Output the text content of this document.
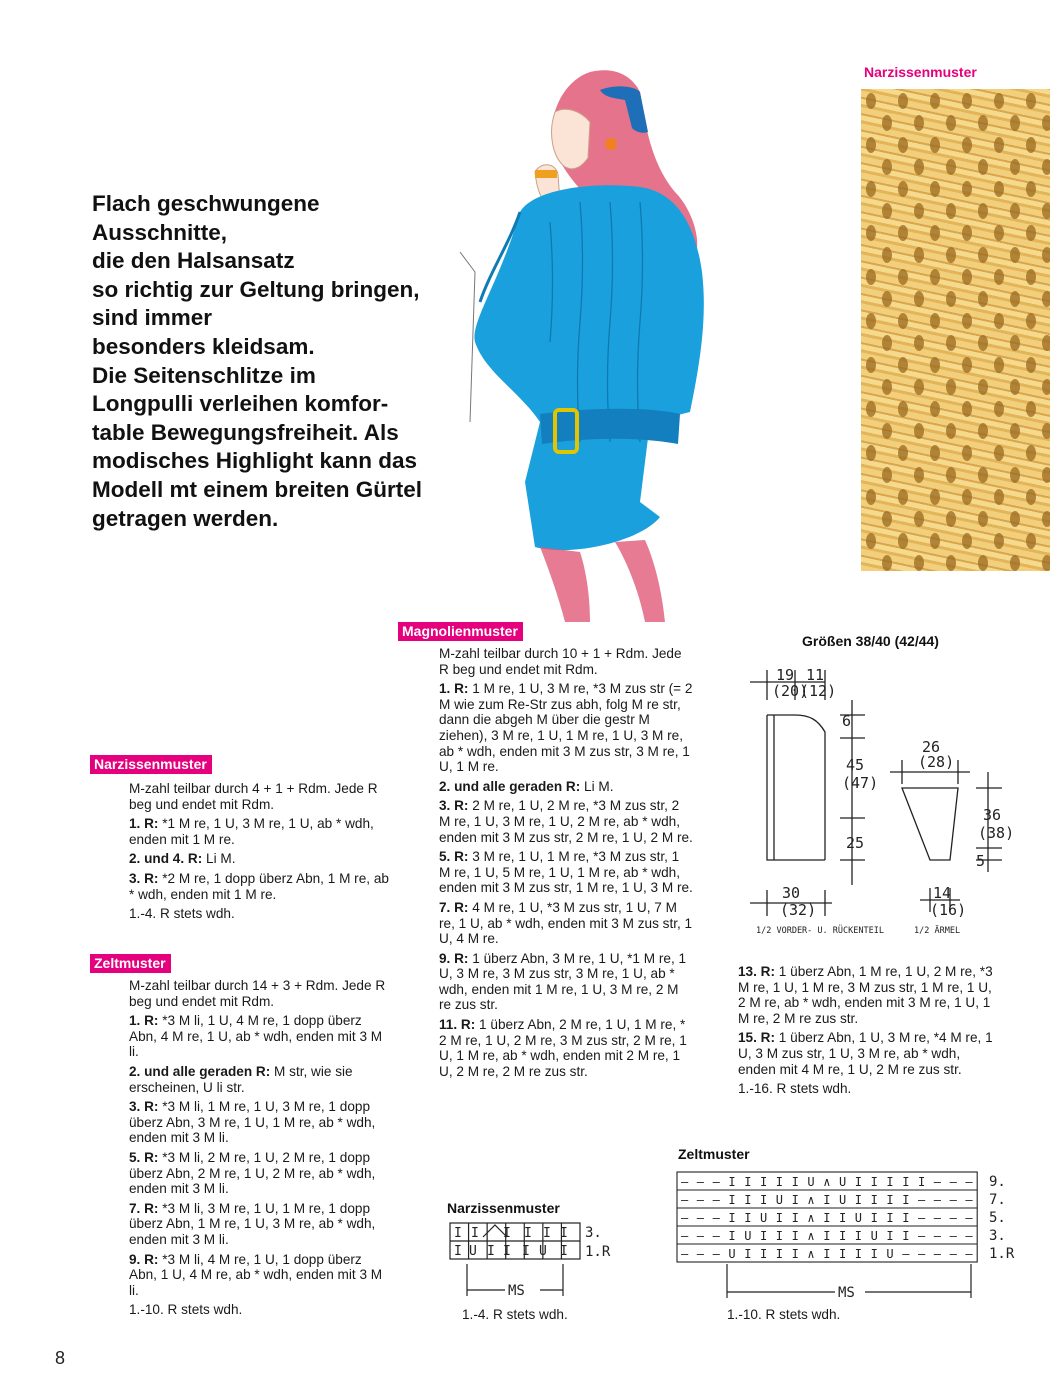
Narzissenmuster
Flach geschwungene
Ausschnitte,
die den Halsansatz
so richtig zur Geltung bringen,
sind immer
besonders kleidsam.
Die Seitenschlitze im
Longpulli verleihen komfor-
table Bewegungsfreiheit. Als
modisches Highlight kann das
Modell mt einem breiten Gürtel
getragen werden.
Narzissenmuster

M-zahl teilbar durch 4 + 1 + Rdm. Jede R beg und endet mit Rdm.

1. R: *1 M re, 1 U, 3 M re, 1 U, ab * wdh, enden mit 1 M re.

2. und 4. R: Li M.

3. R: *2 M re, 1 dopp überz Abn, 1 M re, ab * wdh, enden mit 1 M re.

1.-4. R stets wdh.

Zeltmuster

M-zahl teilbar durch 14 + 3 + Rdm. Jede R beg und endet mit Rdm.

1. R: *3 M li, 1 U, 4 M re, 1 dopp überz Abn, 4 M re, 1 U, ab * wdh, enden mit 3 M li.

2. und alle geraden R: M str, wie sie erscheinen, U li str.

3. R: *3 M li, 1 M re, 1 U, 3 M re, 1 dopp überz Abn, 3 M re, 1 U, 1 M re, ab * wdh, enden mit 3 M li.

5. R: *3 M li, 2 M re, 1 U, 2 M re, 1 dopp überz Abn, 2 M re, 1 U, 2 M re, ab * wdh, enden mit 3 M li.

7. R: *3 M li, 3 M re, 1 U, 1 M re, 1 dopp überz Abn, 1 M re, 1 U, 3 M re, ab * wdh, enden mit 3 M li.

9. R: *3 M li, 4 M re, 1 U, 1 dopp überz Abn, 1 U, 4 M re, ab * wdh, enden mit 3 M li.

1.-10. R stets wdh.

Magnolienmuster

M-zahl teilbar durch 10 + 1 + Rdm. Jede R beg und endet mit Rdm.

1. R: 1 M re, 1 U, 3 M re, *3 M zus str (= 2 M wie zum Re-Str zus abh, folg M re str, dann die abgeh M über die gestr M ziehen), 3 M re, 1 U, 1 M re, 1 U, 3 M re, ab * wdh, enden mit 3 M zus str, 3 M re, 1 U, 1 M re.

2. und alle geraden R: Li M.

3. R: 2 M re, 1 U, 2 M re, *3 M zus str, 2 M re, 1 U, 3 M re, 1 U, 2 M re, ab * wdh, enden mit 3 M zus str, 2 M re, 1 U, 2 M re.

5. R: 3 M re, 1 U, 1 M re, *3 M zus str, 1 M re, 1 U, 5 M re, 1 U, 1 M re, ab * wdh, enden mit 3 M zus str, 1 M re, 1 U, 3 M re.

7. R: 4 M re, 1 U, *3 M zus str, 1 U, 7 M re, 1 U, ab * wdh, enden mit 3 M zus str, 1 U, 4 M re.

9. R: 1 überz Abn, 3 M re, 1 U, *1 M re, 1 U, 3 M re, 3 M zus str, 3 M re, 1 U, ab * wdh, enden mit 1 M re, 1 U, 3 M re, 2 M re zus str.

11. R: 1 überz Abn, 2 M re, 1 U, 1 M re, * 2 M re, 1 U, 2 M re, 3 M zus str, 2 M re, 1 U, 1 M re, ab * wdh, enden mit 2 M re, 1 U, 2 M re, 2 M re zus str.

13. R: 1 überz Abn, 1 M re, 1 U, 2 M re, *3 M re, 1 U, 1 M re, 3 M zus str, 1 M re, 1 U, 2 M re, ab * wdh, enden mit 3 M re, 1 U, 1 M re, 2 M re zus str.

15. R: 1 überz Abn, 1 U, 3 M re, *4 M re, 1 U, 3 M zus str, 1 U, 3 M re, ab * wdh, enden mit 4 M re, 1 U, 2 M re zus str.

1.-16. R stets wdh.

Größen 38/40 (42/44)
19
(20)
11
(12)
6
45
(47)
25
30
(32)
26
(28)
36
(38)
5
14
(16)
1/2 VORDER- U. RÜCKENTEIL	1/2 ÄRMEL
Narzissenmuster
I I I I I I
I U I I I U I
3.
1.R
MS
1.-4. R stets wdh.
Zeltmuster
— — — I I I I I U ∧ U I I I I I — — —
— — — I I I U I ∧ I U I I I I — — — —
— — — I I U I I ∧ I I U I I I — — — —
— — — I U I I I ∧ I I I U I I — — — —
— — — U I I I I ∧ I I I I U — — — — —
MS
9.
7.
5.
3.
1.R
1.-10. R stets wdh.
8
